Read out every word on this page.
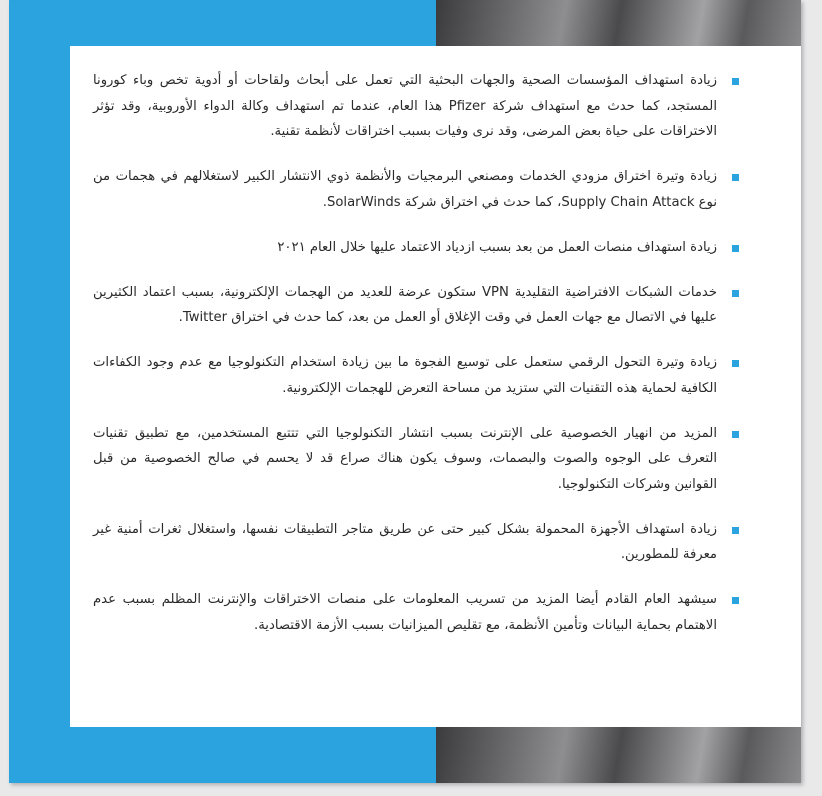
زيادة استهداف المؤسسات الصحية والجهات البحثية التي تعمل على أبحاث ولقاحات أو أدوية تخص وباء كورونا المستجد، كما حدث مع استهداف شركة Pfizer هذا العام، عندما تم استهداف وكالة الدواء الأوروبية، وقد تؤثر الاختراقات على حياة بعض المرضى، وقد نرى وفيات بسبب اختراقات لأنظمة تقنية.
زيادة وتيرة اختراق مزودي الخدمات ومصنعي البرمجيات والأنظمة ذوي الانتشار الكبير لاستغلالهم في هجمات من نوع Supply Chain Attack، كما حدث في اختراق شركة SolarWinds.
زيادة استهداف منصات العمل من بعد بسبب ازدياد الاعتماد عليها خلال العام ٢٠٢١
خدمات الشبكات الافتراضية التقليدية VPN ستكون عرضة للعديد من الهجمات الإلكترونية، بسبب اعتماد الكثيرين عليها في الاتصال مع جهات العمل في وقت الإغلاق أو العمل من بعد، كما حدث في اختراق Twitter.
زيادة وتيرة التحول الرقمي ستعمل على توسيع الفجوة ما بين زيادة استخدام التكنولوجيا مع عدم وجود الكفاءات الكافية لحماية هذه التقنيات التي ستزيد من مساحة التعرض للهجمات الإلكترونية.
المزيد من انهيار الخصوصية على الإنترنت بسبب انتشار التكنولوجيا التي تتتبع المستخدمين، مع تطبيق تقنيات التعرف على الوجوه والصوت والبصمات، وسوف يكون هناك صراع قد لا يحسم في صالح الخصوصية من قبل القوانين وشركات التكنولوجيا.
زيادة استهداف الأجهزة المحمولة بشكل كبير حتى عن طريق متاجر التطبيقات نفسها، واستغلال ثغرات أمنية غير معرفة للمطورين.
سيشهد العام القادم أيضا المزيد من تسريب المعلومات على منصات الاختراقات والإنترنت المظلم بسبب عدم الاهتمام بحماية البيانات وتأمين الأنظمة، مع تقليص الميزانيات بسبب الأزمة الاقتصادية.
